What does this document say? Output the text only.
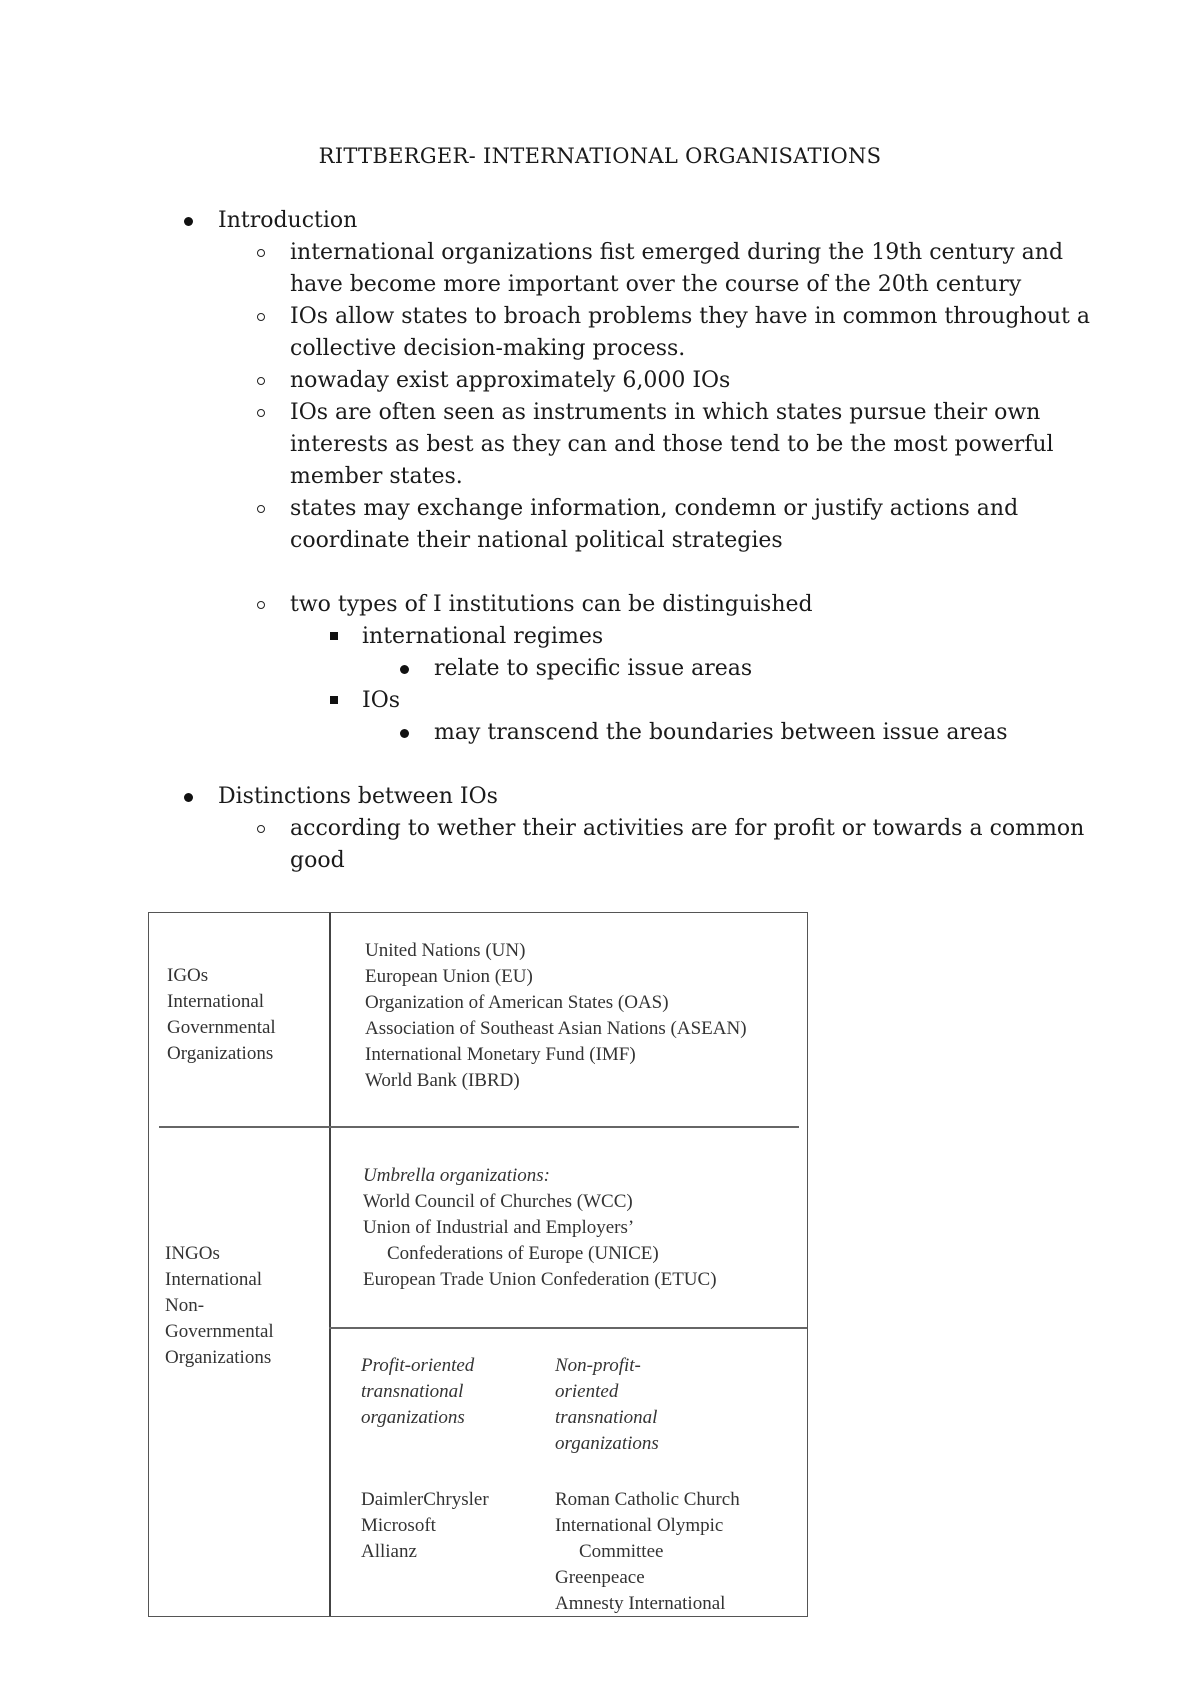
RITTBERGER- INTERNATIONAL ORGANISATIONS
Introduction
international organizations fist emerged during the 19th century and
have become more important over the course of the 20th century
IOs allow states to broach problems they have in common throughout a
collective decision-making process.
nowaday exist approximately 6,000 IOs
IOs are often seen as instruments in which states pursue their own
interests as best as they can and those tend to be the most powerful
member states.
states may exchange information, condemn or justify actions and
coordinate their national political strategies
two types of I institutions can be distinguished
international regimes
relate to specific issue areas
IOs
may transcend the boundaries between issue areas
Distinctions between IOs
according to wether their activities are for profit or towards a common
good
IGOs
International
Governmental
Organizations
United Nations (UN)
European Union (EU)
Organization of American States (OAS)
Association of Southeast Asian Nations (ASEAN)
International Monetary Fund (IMF)
World Bank (IBRD)
INGOs
International
Non-
Governmental
Organizations
Umbrella organizations:
World Council of Churches (WCC)
Union of Industrial and Employers’
Confederations of Europe (UNICE)
European Trade Union Confederation (ETUC)
Profit-oriented
transnational
organizations
DaimlerChrysler
Microsoft
Allianz
Non-profit-
oriented
transnational
organizations
Roman Catholic Church
International Olympic
Committee
Greenpeace
Amnesty International
